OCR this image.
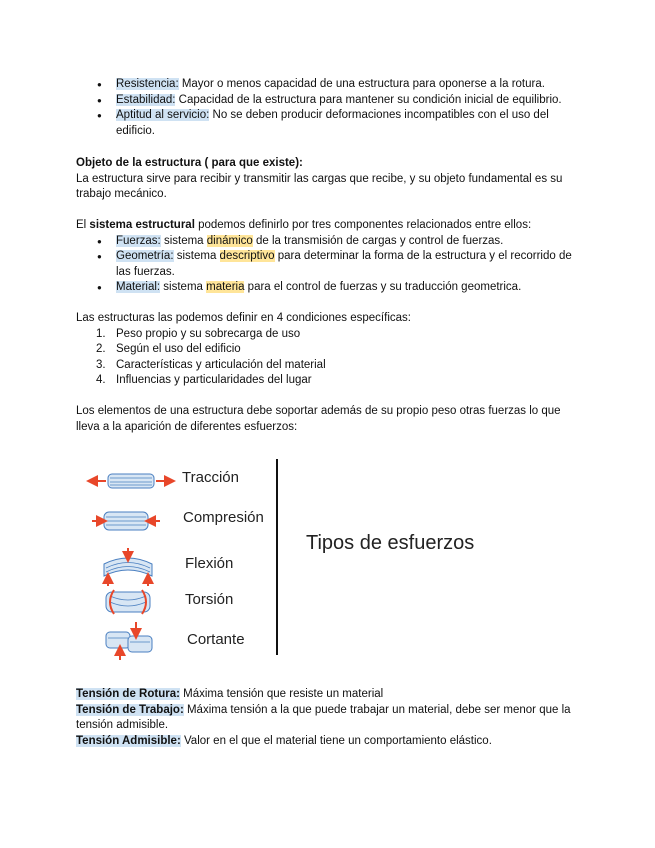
● Resistencia: Mayor o menos capacidad de una estructura para oponerse a la rotura.
● Estabilidad: Capacidad de la estructura para mantener su condición inicial de equilibrio.
● Aptitud al servicio: No se deben producir deformaciones incompatibles con el uso del edificio.
Objeto de la estructura ( para que existe):
La estructura sirve para recibir y transmitir las cargas que recibe, y su objeto fundamental es su trabajo mecánico.
El sistema estructural podemos definirlo por tres componentes relacionados entre ellos:
● Fuerzas: sistema dinámico de la transmisión de cargas y control de fuerzas.
● Geometría: sistema descriptivo para determinar la forma de la estructura y el recorrido de las fuerzas.
● Material: sistema materia para el control de fuerzas y su traducción geometrica.
Las estructuras las podemos definir en 4 condiciones específicas:
1. Peso propio y su sobrecarga de uso
2. Según el uso del edificio
3. Características y articulación del material
4. Influencias y particularidades del lugar
Los elementos de una estructura debe soportar además de su propio peso otras fuerzas lo que lleva a la aparición de diferentes esfuerzos:
Tracción
Compresión
Flexión
Torsión
Cortante
Tipos de esfuerzos
Tensión de Rotura: Máxima tensión que resiste un material
Tensión de Trabajo: Máxima tensión a la que puede trabajar un material, debe ser menor que la tensión admisible.
Tensión Admisible: Valor en el que el material tiene un comportamiento elástico.
